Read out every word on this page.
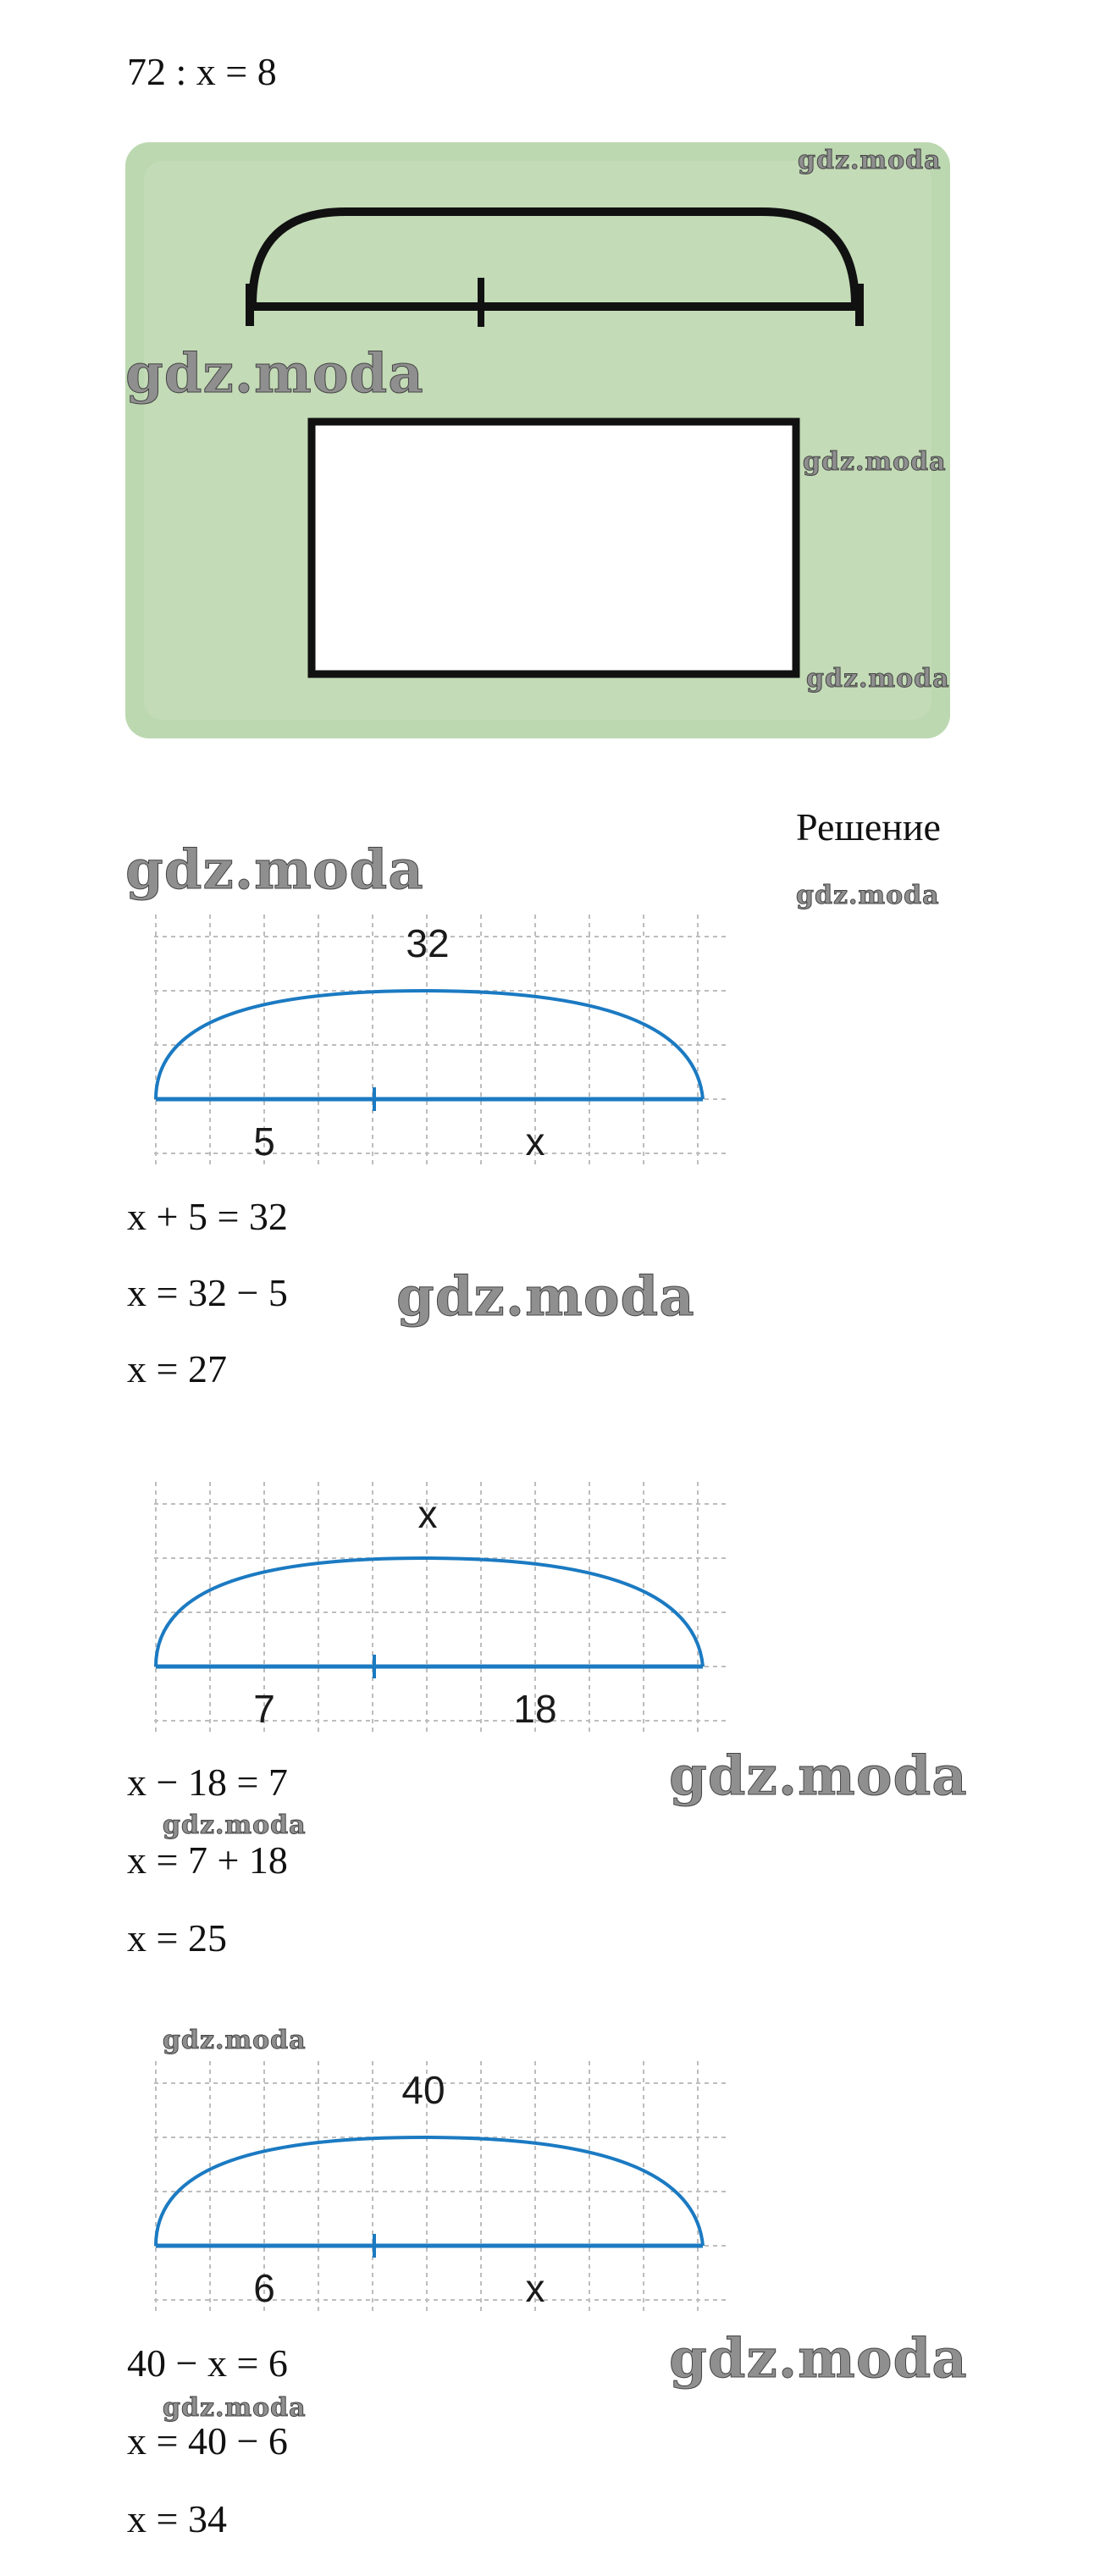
72 : x = 8
gdz.moda
gdz.moda
gdz.moda
gdz.moda
Решение
gdz.moda
gdz.moda
32
5	x
x + 5 = 32
x = 32 − 5
x = 27
gdz.moda
x
7	18
x − 18 = 7
x = 7 + 18
x = 25
gdz.moda
gdz.moda
gdz.moda
40
6	x
40 − x = 6
x = 40 − 6
x = 34
gdz.moda
gdz.moda
